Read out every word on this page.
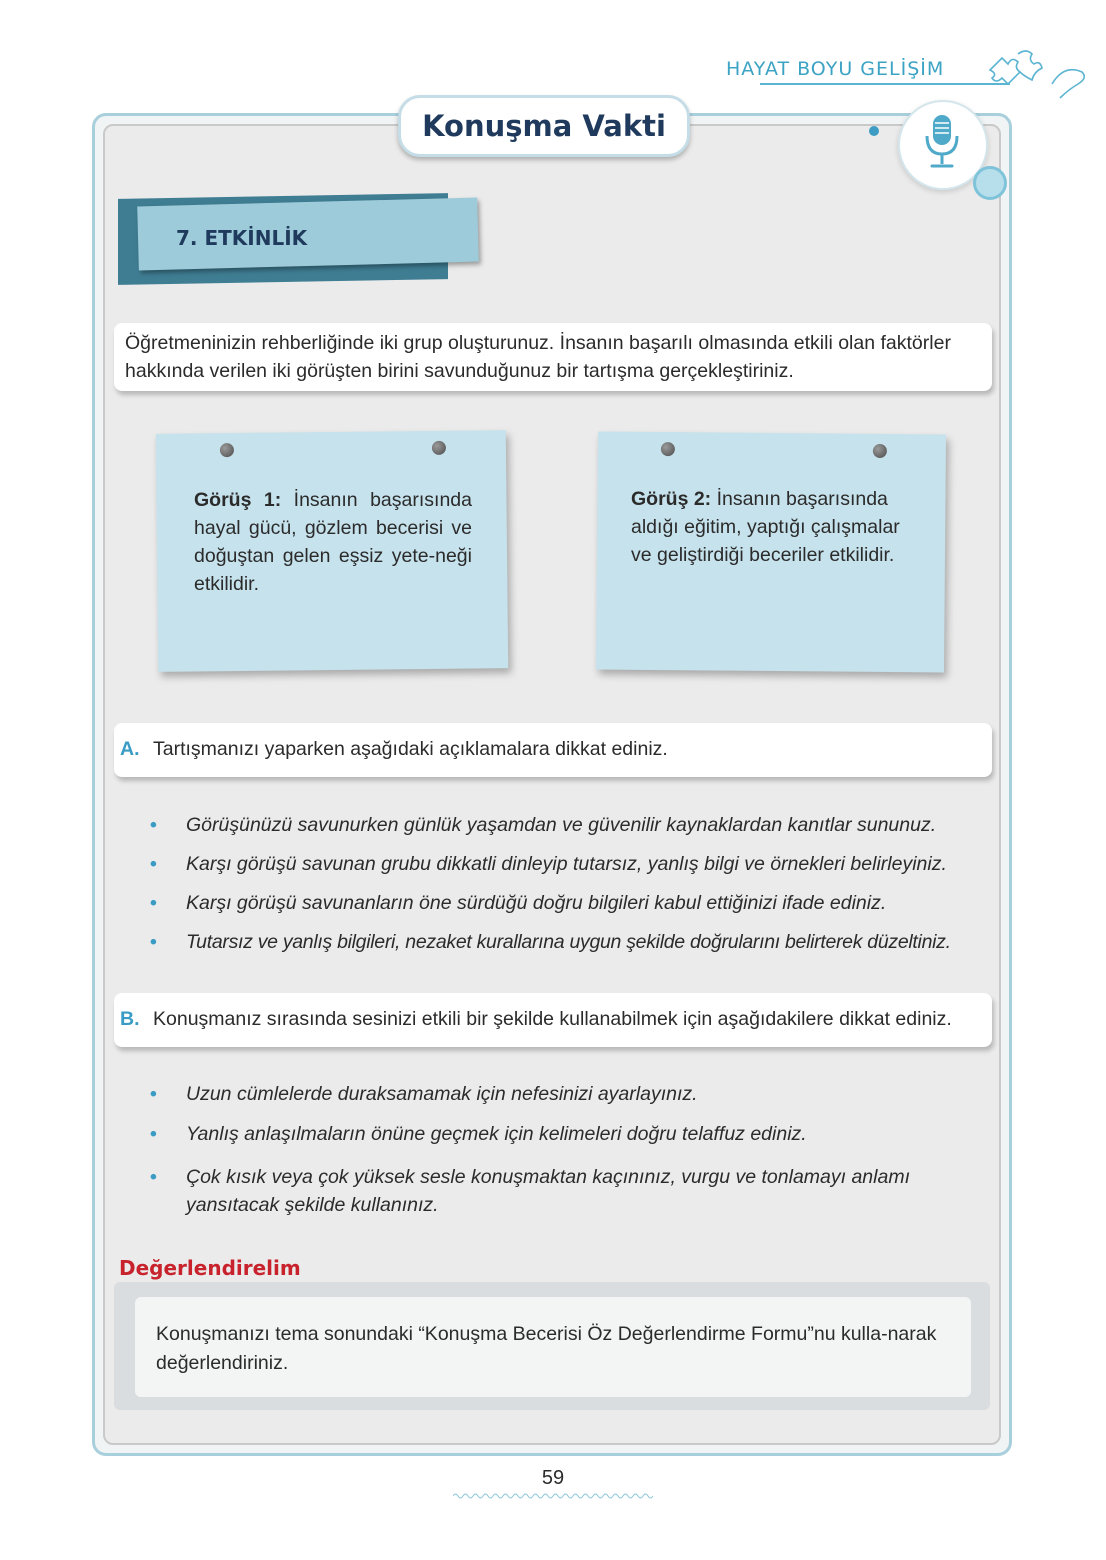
HAYAT BOYU GELİŞİM
Konuşma Vakti
7. ETKİNLİK

Öğretmeninizin rehberliğinde iki grup oluşturunuz. İnsanın başarılı olmasında etkili olan faktörler hakkında verilen iki görüşten birini savunduğunuz bir tartışma gerçekleştiriniz.

Görüş 1: İnsanın başarısında hayal gücü, gözlem becerisi ve doğuştan gelen eşsiz yete-neği etkilidir.
Görüş 2: İnsanın başarısında aldığı eğitim, yaptığı çalışmalar ve geliştirdiği beceriler etkilidir.
A. Tartışmanızı yaparken aşağıdaki açıklamalara dikkat ediniz.
• Görüşünüzü savunurken günlük yaşamdan ve güvenilir kaynaklardan kanıtlar sununuz.
• Karşı görüşü savunan grubu dikkatli dinleyip tutarsız, yanlış bilgi ve örnekleri belirleyiniz.
• Karşı görüşü savunanların öne sürdüğü doğru bilgileri kabul ettiğinizi ifade ediniz.
• Tutarsız ve yanlış bilgileri, nezaket kurallarına uygun şekilde doğrularını belirterek düzeltiniz.
B. Konuşmanız sırasında sesinizi etkili bir şekilde kullanabilmek için aşağıdakilere dikkat ediniz.
• Uzun cümlelerde duraksamamak için nefesinizi ayarlayınız.
• Yanlış anlaşılmaların önüne geçmek için kelimeleri doğru telaffuz ediniz.
• Çok kısık veya çok yüksek sesle konuşmaktan kaçınınız, vurgu ve tonlamayı anlamı yansıtacak şekilde kullanınız.
Değerlendirelim
Konuşmanızı tema sonundaki “Konuşma Becerisi Öz Değerlendirme Formu”nu kulla-narak değerlendiriniz.
59
